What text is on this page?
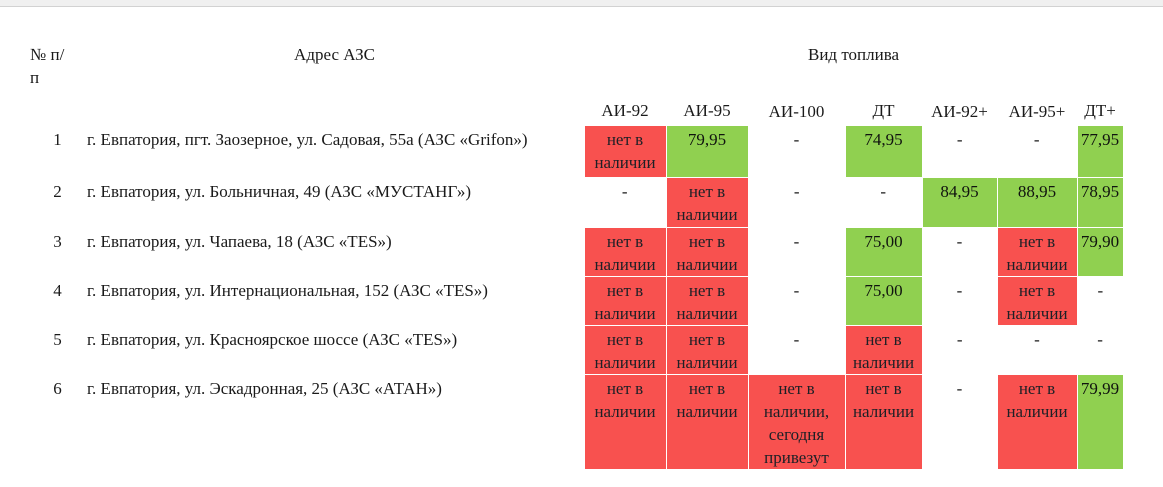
№ п/
п	Адрес АЗС	Вид топлива						
		АИ-92	АИ-95	АИ-100	ДТ	АИ-92+	АИ-95+	ДТ+
1	г. Евпатория, пгт. Заозерное, ул. Садовая, 55а (АЗС «Grifon»)	нет в наличии	79,95	-	74,95	-	-	77,95
2	г. Евпатория, ул. Больничная, 49 (АЗС «МУСТАНГ»)	-	нет в наличии	-	-	84,95	88,95	78,95
3	г. Евпатория, ул. Чапаева, 18 (АЗС «TES»)	нет в наличии	нет в наличии	-	75,00	-	нет в наличии	79,90
4	г. Евпатория, ул. Интернациональная, 152 (АЗС «TES»)	нет в наличии	нет в наличии	-	75,00	-	нет в наличии	-
5	г. Евпатория, ул. Красноярское шоссе (АЗС «TES»)	нет в наличии	нет в наличии	-	нет в наличии	-	-	-
6	г. Евпатория, ул. Эскадронная, 25 (АЗС «АТАН»)	нет в наличии	нет в наличии	нет в наличии, сегодня привезут	нет в наличии	-	нет в наличии	79,99
